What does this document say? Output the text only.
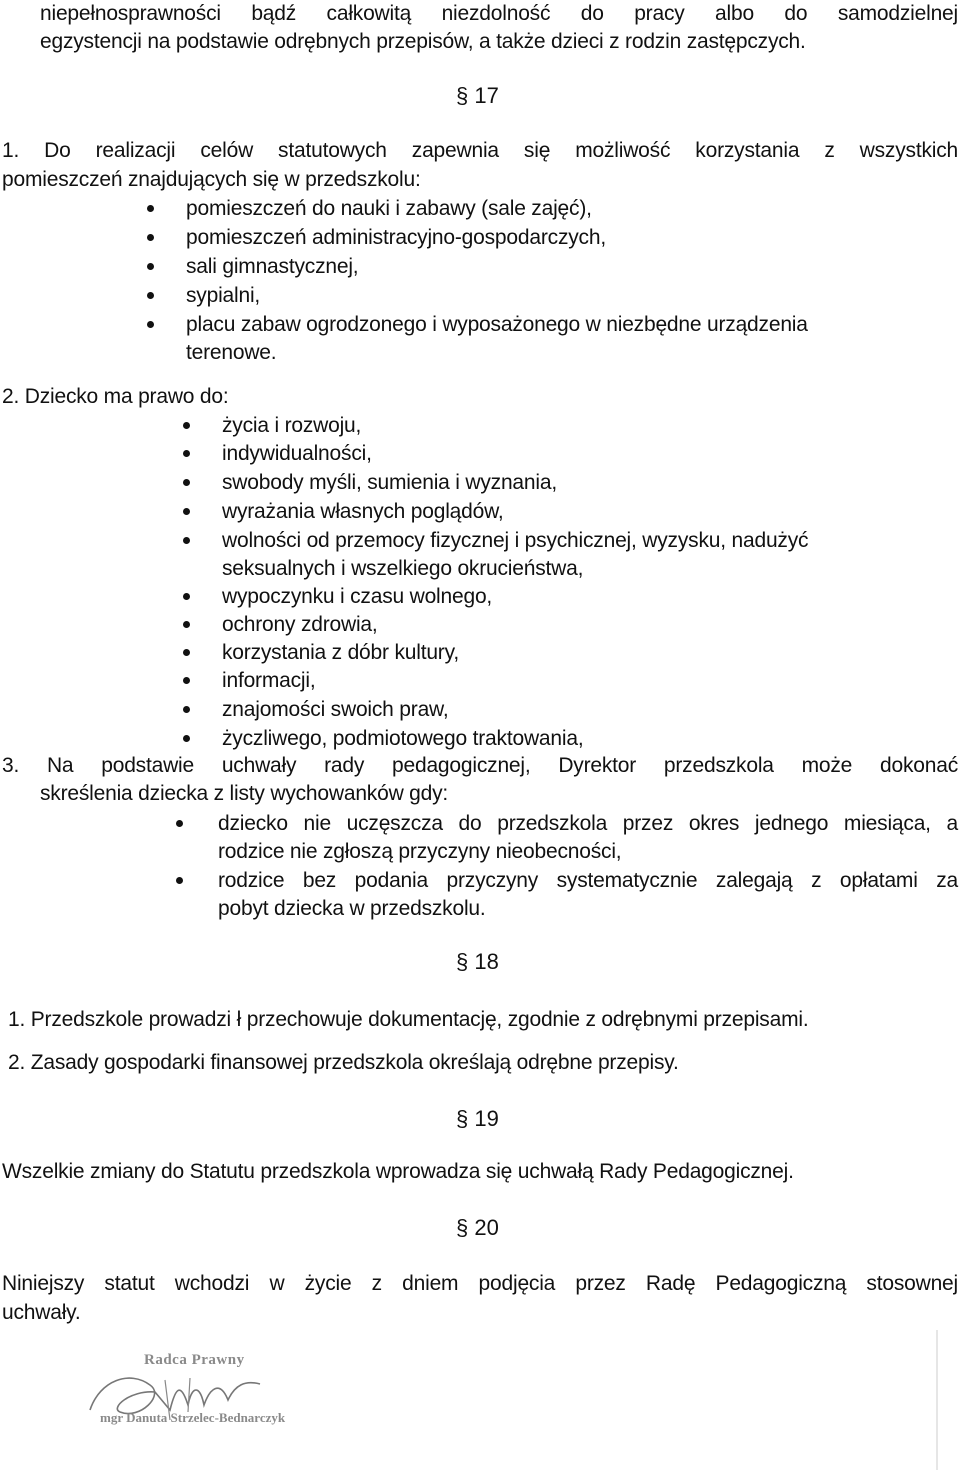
niepełnosprawności bądź całkowitą niezdolność do pracy albo do samodzielnej
egzystencji na podstawie odrębnych przepisów, a także dzieci z rodzin zastępczych.
§ 17
1. Do realizacji celów statutowych zapewnia się możliwość korzystania z wszystkich
pomieszczeń znajdujących się w przedszkolu:
pomieszczeń do nauki i zabawy (sale zajęć),
pomieszczeń administracyjno-gospodarczych,
sali gimnastycznej,
sypialni,
placu zabaw ogrodzonego i wyposażonego w niezbędne urządzenia
terenowe.
2. Dziecko ma prawo do:
życia i rozwoju,
indywidualności,
swobody myśli, sumienia i wyznania,
wyrażania własnych poglądów,
wolności od przemocy fizycznej i psychicznej, wyzysku, nadużyć
seksualnych i wszelkiego okrucieństwa,
wypoczynku i czasu wolnego,
ochrony zdrowia,
korzystania z dóbr kultury,
informacji,
znajomości swoich praw,
życzliwego, podmiotowego traktowania,
3. Na podstawie uchwały rady pedagogicznej, Dyrektor przedszkola może dokonać
skreślenia dziecka z listy wychowanków gdy:
dziecko nie uczęszcza do przedszkola przez okres jednego miesiąca, a
rodzice nie zgłoszą przyczyny nieobecności,
rodzice bez podania przyczyny systematycznie zalegają z opłatami za
pobyt dziecka w przedszkolu.
§ 18
1. Przedszkole prowadzi ł przechowuje dokumentację, zgodnie z odrębnymi przepisami.
2. Zasady gospodarki finansowej przedszkola określają odrębne przepisy.
§ 19
Wszelkie zmiany do Statutu przedszkola wprowadza się uchwałą Rady Pedagogicznej.
§ 20
Niniejszy statut wchodzi w życie z dniem podjęcia przez Radę Pedagogiczną stosownej
uchwały.
Radca Prawny
mgr Danuta Strzelec-Bednarczyk
